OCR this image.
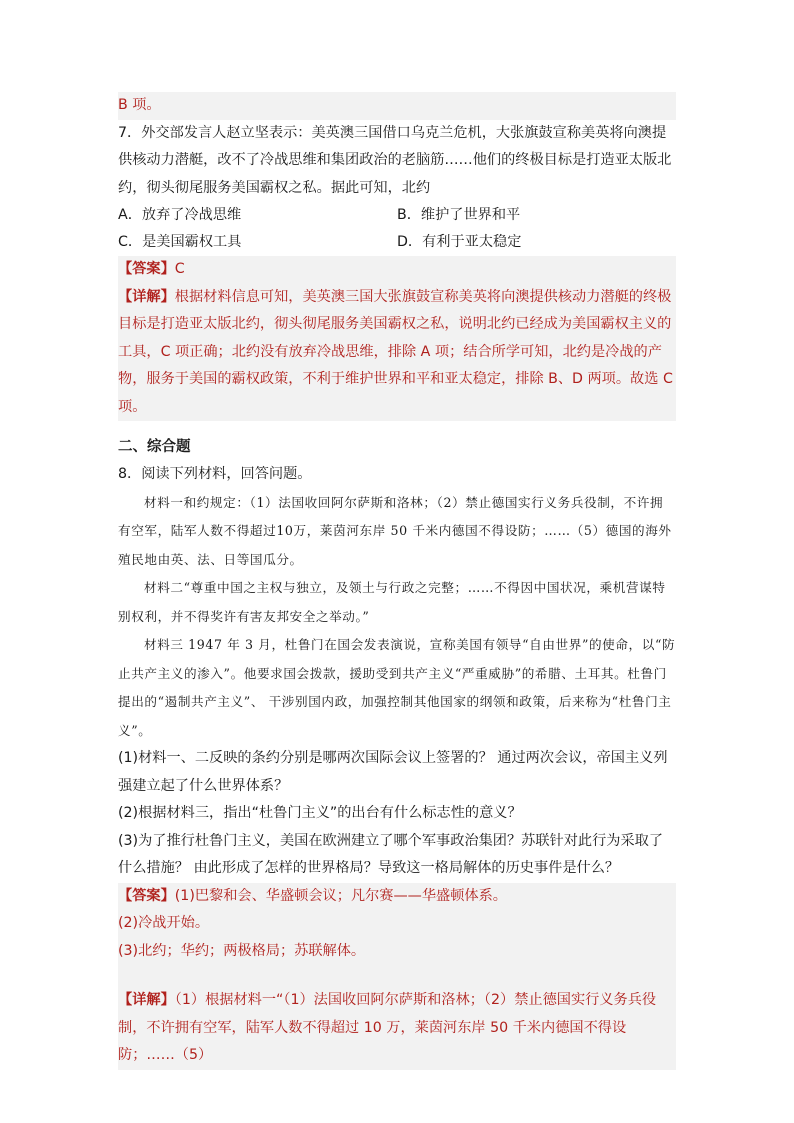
B 项。

7．外交部发言人赵立坚表示：美英澳三国借口乌克兰危机，大张旗鼓宣称美英将向澳提供核动力潜艇，改不了冷战思维和集团政治的老脑筋……他们的终极目标是打造亚太版北约，彻头彻尾服务美国霸权之私。据此可知，北约

A．放弃了冷战思维	B．维护了世界和平
C．是美国霸权工具	D．有利于亚太稳定

【答案】C

【详解】根据材料信息可知，美英澳三国大张旗鼓宣称美英将向澳提供核动力潜艇的终极目标是打造亚太版北约，彻头彻尾服务美国霸权之私，说明北约已经成为美国霸权主义的工具，C 项正确；北约没有放弃冷战思维，排除 A 项；结合所学可知，北约是冷战的产物，服务于美国的霸权政策，不利于维护世界和平和亚太稳定，排除 B、D 两项。故选 C 项。

二、综合题

8．阅读下列材料，回答问题。

材料一和约规定：（1）法国收回阿尔萨斯和洛林；（2）禁止德国实行义务兵役制，不许拥有空军，陆军人数不得超过10万，莱茵河东岸 50 千米内德国不得设防；……（5）德国的海外殖民地由英、法、日等国瓜分。

材料二“尊重中国之主权与独立，及领土与行政之完整；……不得因中国状况，乘机营谋特别权利，并不得奖许有害友邦安全之举动。”

材料三 1947 年 3 月，杜鲁门在国会发表演说，宣称美国有领导“自由世界”的使命，以“防止共产主义的渗入”。他要求国会拨款，援助受到共产主义“严重威胁”的希腊、土耳其。杜鲁门提出的“遏制共产主义”、 干涉别国内政，加强控制其他国家的纲领和政策，后来称为“杜鲁门主义”。

(1)材料一、二反映的条约分别是哪两次国际会议上签署的？ 通过两次会议，帝国主义列强建立起了什么世界体系？

(2)根据材料三，指出“杜鲁门主义”的出台有什么标志性的意义？

(3)为了推行杜鲁门主义，美国在欧洲建立了哪个军事政治集团？苏联针对此行为采取了什么措施？ 由此形成了怎样的世界格局？导致这一格局解体的历史事件是什么？

【答案】(1)巴黎和会、华盛顿会议；凡尔赛——华盛顿体系。

(2)冷战开始。

(3)北约；华约；两极格局；苏联解体。

【详解】（1）根据材料一“（1）法国收回阿尔萨斯和洛林；（2）禁止德国实行义务兵役制，不许拥有空军，陆军人数不得超过 10 万，莱茵河东岸 50 千米内德国不得设防；……（5）
